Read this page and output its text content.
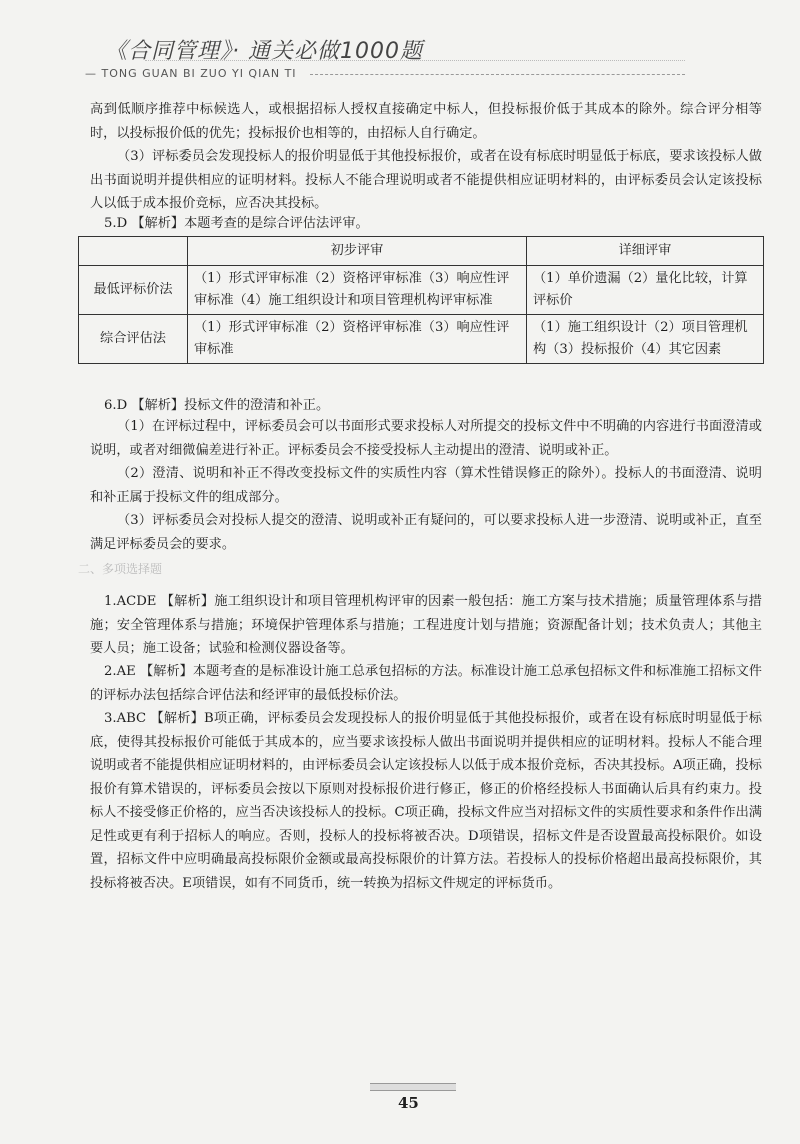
《合同管理》· 通关必做1000题
— TONG GUAN BI ZUO YI QIAN TI

高到低顺序推荐中标候选人，或根据招标人授权直接确定中标人，但投标报价低于其成本的除外。综合评分相等时，以投标报价低的优先；投标报价也相等的，由招标人自行确定。

（3）评标委员会发现投标人的报价明显低于其他投标报价，或者在设有标底时明显低于标底，要求该投标人做出书面说明并提供相应的证明材料。投标人不能合理说明或者不能提供相应证明材料的，由评标委员会认定该投标人以低于成本报价竞标，应否决其投标。

5.D 【解析】本题考查的是综合评估法评审。

	初步评审	详细评审
最低评标价法	（1）形式评审标准（2）资格评审标准（3）响应性评审标准（4）施工组织设计和项目管理机构评审标准	（1）单价遗漏（2）量化比较，计算评标价
综合评估法	（1）形式评审标准（2）资格评审标准（3）响应性评审标准	（1）施工组织设计（2）项目管理机构（3）投标报价（4）其它因素

6.D 【解析】投标文件的澄清和补正。

（1）在评标过程中，评标委员会可以书面形式要求投标人对所提交的投标文件中不明确的内容进行书面澄清或说明，或者对细微偏差进行补正。评标委员会不接受投标人主动提出的澄清、说明或补正。

（2）澄清、说明和补正不得改变投标文件的实质性内容（算术性错误修正的除外）。投标人的书面澄清、说明和补正属于投标文件的组成部分。

（3）评标委员会对投标人提交的澄清、说明或补正有疑问的，可以要求投标人进一步澄清、说明或补正，直至满足评标委员会的要求。

二、多项选择题

1.ACDE 【解析】施工组织设计和项目管理机构评审的因素一般包括：施工方案与技术措施；质量管理体系与措施；安全管理体系与措施；环境保护管理体系与措施；工程进度计划与措施；资源配备计划；技术负责人；其他主要人员；施工设备；试验和检测仪器设备等。

2.AE 【解析】本题考查的是标准设计施工总承包招标的方法。标准设计施工总承包招标文件和标准施工招标文件的评标办法包括综合评估法和经评审的最低投标价法。

3.ABC 【解析】B项正确，评标委员会发现投标人的报价明显低于其他投标报价，或者在设有标底时明显低于标底，使得其投标报价可能低于其成本的，应当要求该投标人做出书面说明并提供相应的证明材料。投标人不能合理说明或者不能提供相应证明材料的，由评标委员会认定该投标人以低于成本报价竞标，否决其投标。A项正确，投标报价有算术错误的，评标委员会按以下原则对投标报价进行修正，修正的价格经投标人书面确认后具有约束力。投标人不接受修正价格的，应当否决该投标人的投标。C项正确，投标文件应当对招标文件的实质性要求和条件作出满足性或更有利于招标人的响应。否则，投标人的投标将被否决。D项错误，招标文件是否设置最高投标限价。如设置，招标文件中应明确最高投标限价金额或最高投标限价的计算方法。若投标人的投标价格超出最高投标限价，其投标将被否决。E项错误，如有不同货币，统一转换为招标文件规定的评标货币。

45
